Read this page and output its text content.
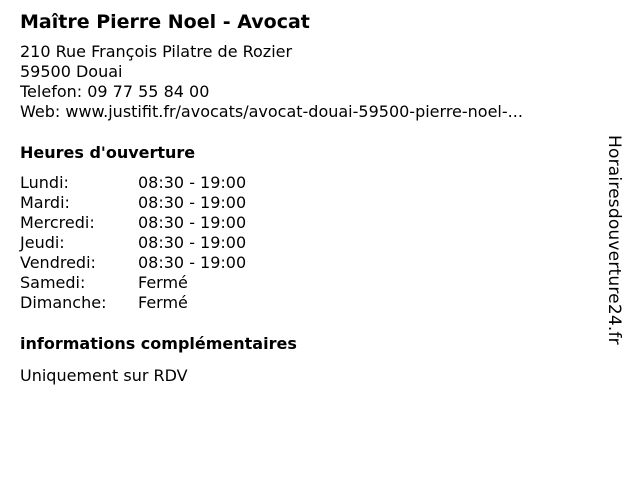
Maître Pierre Noel - Avocat
210 Rue François Pilatre de Rozier
59500 Douai
Telefon: 09 77 55 84 00
Web: www.justifit.fr/avocats/avocat-douai-59500-pierre-noel-...
Heures d'ouverture
Lundi:	08:30 - 19:00
Mardi:	08:30 - 19:00
Mercredi:	08:30 - 19:00
Jeudi:	08:30 - 19:00
Vendredi:	08:30 - 19:00
Samedi:	Fermé
Dimanche:	Fermé
informations complémentaires
Uniquement sur RDV
Horairesdouverture24.fr
